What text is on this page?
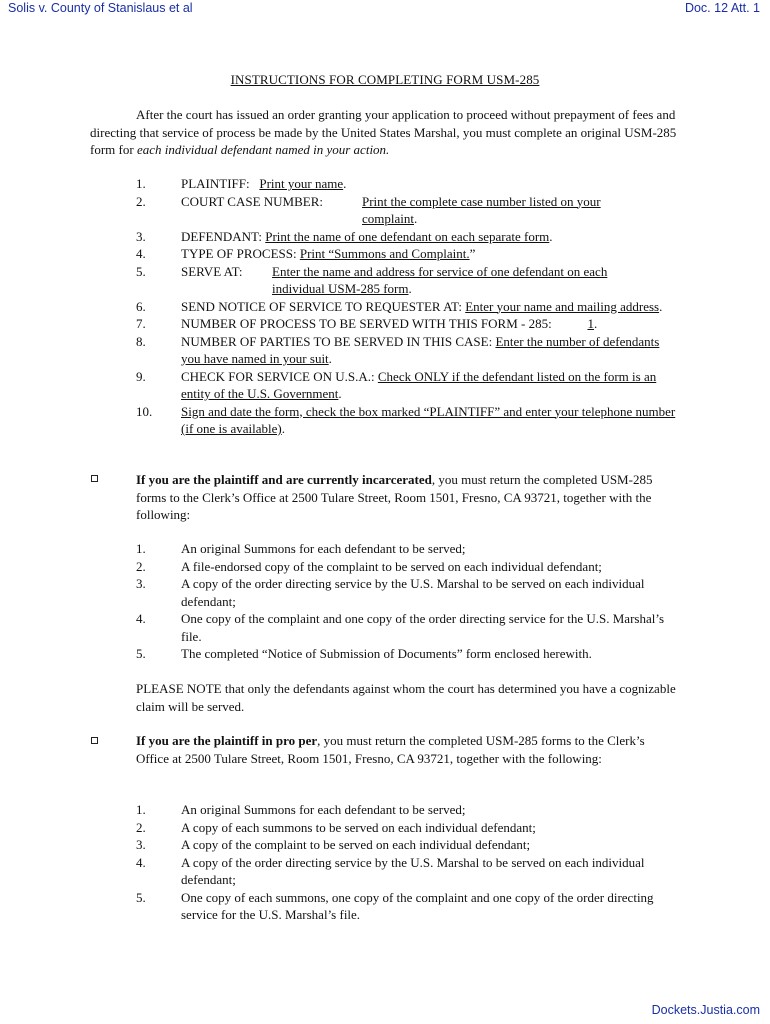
Solis v. County of Stanislaus et al	Doc. 12 Att. 1
INSTRUCTIONS FOR COMPLETING FORM USM-285
After the court has issued an order granting your application to proceed without prepayment of fees and directing that service of process be made by the United States Marshal, you must complete an original USM-285 form for each individual defendant named in your action.
1.	PLAINTIFF: Print your name.
2.	COURT CASE NUMBER:	Print the complete case number listed on your complaint.
3.	DEFENDANT: Print the name of one defendant on each separate form.
4.	TYPE OF PROCESS: Print “Summons and Complaint.”
5.	SERVE AT:	Enter the name and address for service of one defendant on each individual USM-285 form.
6.	SEND NOTICE OF SERVICE TO REQUESTER AT: Enter your name and mailing address.
7.	NUMBER OF PROCESS TO BE SERVED WITH THIS FORM - 285:	1.
8.	NUMBER OF PARTIES TO BE SERVED IN THIS CASE: Enter the number of defendants you have named in your suit.
9.	CHECK FOR SERVICE ON U.S.A.: Check ONLY if the defendant listed on the form is an entity of the U.S. Government.
10.	Sign and date the form, check the box marked “PLAINTIFF” and enter your telephone number (if one is available).
If you are the plaintiff and are currently incarcerated, you must return the completed USM-285 forms to the Clerk’s Office at 2500 Tulare Street, Room 1501, Fresno, CA 93721, together with the following:
1.	An original Summons for each defendant to be served;
2.	A file-endorsed copy of the complaint to be served on each individual defendant;
3.	A copy of the order directing service by the U.S. Marshal to be served on each individual defendant;
4.	One copy of the complaint and one copy of the order directing service for the U.S. Marshal’s file.
5.	The completed “Notice of Submission of Documents” form enclosed herewith.
PLEASE NOTE that only the defendants against whom the court has determined you have a cognizable claim will be served.
If you are the plaintiff in pro per, you must return the completed USM-285 forms to the Clerk’s Office at 2500 Tulare Street, Room 1501, Fresno, CA 93721, together with the following:
1.	An original Summons for each defendant to be served;
2.	A copy of each summons to be served on each individual defendant;
3.	A copy of the complaint to be served on each individual defendant;
4.	A copy of the order directing service by the U.S. Marshal to be served on each individual defendant;
5.	One copy of each summons, one copy of the complaint and one copy of the order directing service for the U.S. Marshal’s file.
Dockets.Justia.com
